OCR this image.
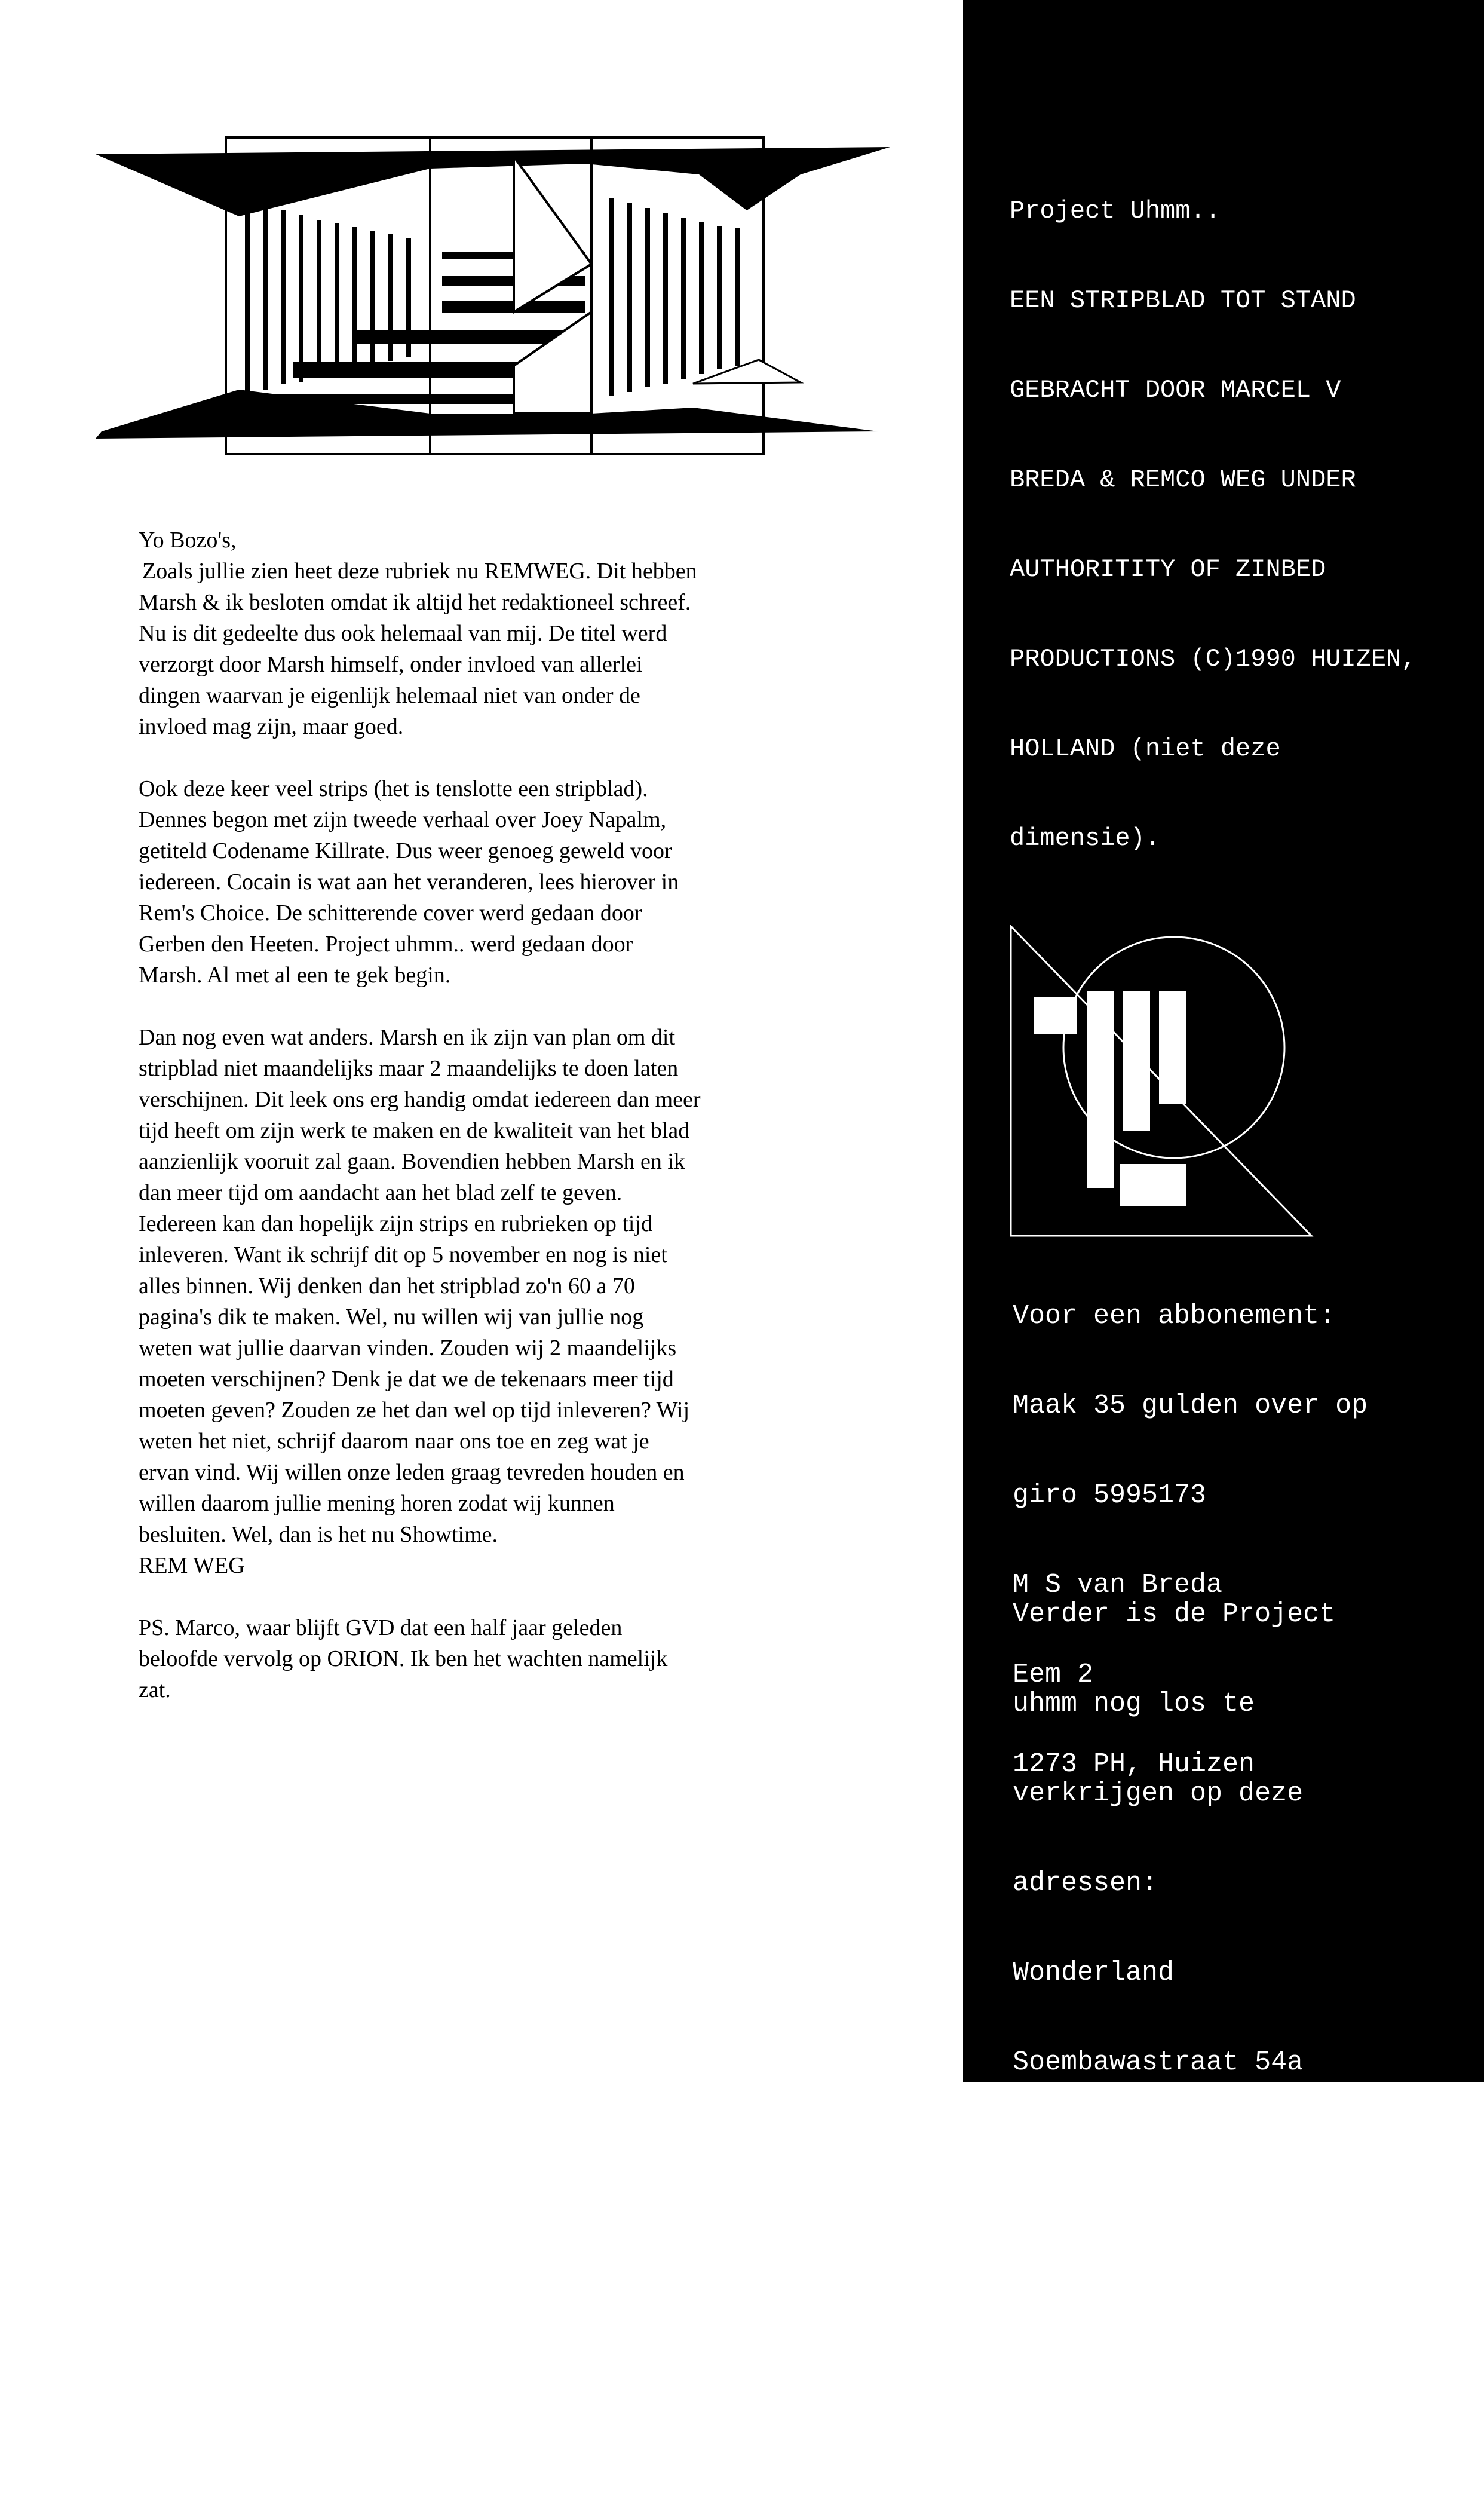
Yo Bozo's,

Zoals jullie zien heet deze rubriek nu REMWEG. Dit hebben

Marsh & ik besloten omdat ik altijd het redaktioneel schreef.

Nu is dit gedeelte dus ook helemaal van mij. De titel werd

verzorgt door Marsh himself, onder invloed van allerlei

dingen waarvan je eigenlijk helemaal niet van onder de

invloed mag zijn, maar goed.

Ook deze keer veel strips (het is tenslotte een stripblad).

Dennes begon met zijn tweede verhaal over Joey Napalm,

getiteld Codename Killrate. Dus weer genoeg geweld voor

iedereen. Cocain is wat aan het veranderen, lees hierover in

Rem's Choice. De schitterende cover werd gedaan door

Gerben den Heeten. Project uhmm.. werd gedaan door

Marsh. Al met al een te gek begin.

Dan nog even wat anders. Marsh en ik zijn van plan om dit

stripblad niet maandelijks maar 2 maandelijks te doen laten

verschijnen. Dit leek ons erg handig omdat iedereen dan meer

tijd heeft om zijn werk te maken en de kwaliteit van het blad

aanzienlijk vooruit zal gaan. Bovendien hebben Marsh en ik

dan meer tijd om aandacht aan het blad zelf te geven.

Iedereen kan dan hopelijk zijn strips en rubrieken op tijd

inleveren. Want ik schrijf dit op 5 november en nog is niet

alles binnen. Wij denken dan het stripblad zo'n 60 a 70

pagina's dik te maken. Wel, nu willen wij van jullie nog

weten wat jullie daarvan vinden. Zouden wij 2 maandelijks

moeten verschijnen? Denk je dat we de tekenaars meer tijd

moeten geven? Zouden ze het dan wel op tijd inleveren? Wij

weten het niet, schrijf daarom naar ons toe en zeg wat je

ervan vind. Wij willen onze leden graag tevreden houden en

willen daarom jullie mening horen zodat wij kunnen

besluiten. Wel, dan is het nu Showtime.

REM WEG

PS. Marco, waar blijft GVD dat een half jaar geleden

beloofde vervolg op ORION. Ik ben het wachten namelijk

zat.

Project Uhmm..

EEN STRIPBLAD TOT STAND

GEBRACHT DOOR MARCEL V

BREDA & REMCO WEG UNDER

AUTHORITITY OF ZINBED

PRODUCTIONS (C)1990 HUIZEN,

HOLLAND (niet deze

dimensie).

Voor een abbonement:

Maak 35 gulden over op

giro 5995173

M S van Breda

Eem 2

1273 PH, Huizen

Verder is de Project

uhmm nog los te

verkrijgen op deze

adressen:

Wonderland

Soembawastraat 54a

1095 XC Amsterdam

Lambiek

Kerkstraat 78

1071 GN Amsterdam
